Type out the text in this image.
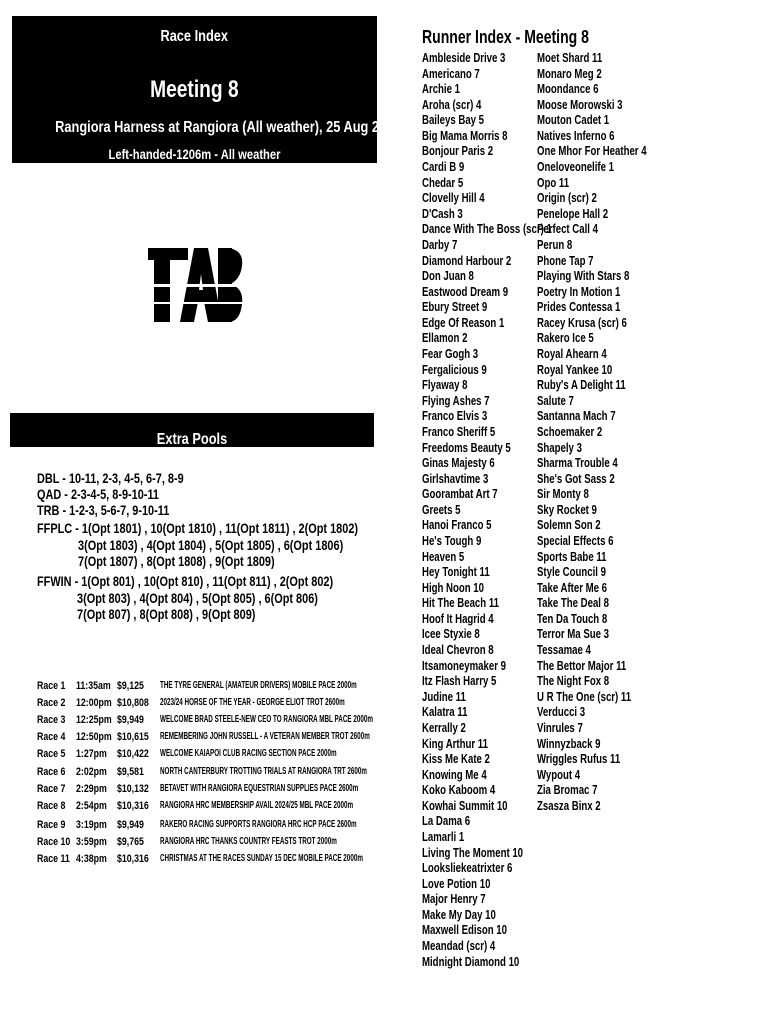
Race Index
Meeting 8
Rangiora Harness at Rangiora (All weather), 25 Aug 2024
Left-handed-1206m - All weather
Extra Pools
DBL - 10-11, 2-3, 4-5, 6-7, 8-9
QAD - 2-3-4-5, 8-9-10-11
TRB - 1-2-3, 5-6-7, 9-10-11
FFPLC - 1(Opt 1801) , 10(Opt 1810) , 11(Opt 1811) , 2(Opt 1802)
3(Opt 1803) , 4(Opt 1804) , 5(Opt 1805) , 6(Opt 1806)
7(Opt 1807) , 8(Opt 1808) , 9(Opt 1809)
FFWIN - 1(Opt 801) , 10(Opt 810) , 11(Opt 811) , 2(Opt 802)
3(Opt 803) , 4(Opt 804) , 5(Opt 805) , 6(Opt 806)
7(Opt 807) , 8(Opt 808) , 9(Opt 809)
Race 1 11:35am $9,125 THE TYRE GENERAL (AMATEUR DRIVERS) MOBILE PACE 2000m
Race 2 12:00pm $10,808 2023/24 HORSE OF THE YEAR - GEORGE ELIOT TROT 2600m
Race 3 12:25pm $9,949 WELCOME BRAD STEELE-NEW CEO TO RANGIORA MBL PACE 2000m
Race 4 12:50pm $10,615 REMEMBERING JOHN RUSSELL - A VETERAN MEMBER TROT 2600m
Race 5 1:27pm $10,422 WELCOME KAIAPOI CLUB RACING SECTION PACE 2000m
Race 6 2:02pm $9,581 NORTH CANTERBURY TROTTING TRIALS AT RANGIORA TRT 2600m
Race 7 2:29pm $10,132 BETAVET WITH RANGIORA EQUESTRIAN SUPPLIES PACE 2600m
Race 8 2:54pm $10,316 RANGIORA HRC MEMBERSHIP AVAIL 2024/25 MBL PACE 2000m
Race 9 3:19pm $9,949 RAKERO RACING SUPPORTS RANGIORA HRC HCP PACE 2600m
Race 10 3:59pm $9,765 RANGIORA HRC THANKS COUNTRY FEASTS TROT 2000m
Race 11 4:38pm $10,316 CHRISTMAS AT THE RACES SUNDAY 15 DEC MOBILE PACE 2000m
Runner Index - Meeting 8
Ambleside Drive 3
Americano 7
Archie 1
Aroha (scr) 4
Baileys Bay 5
Big Mama Morris 8
Bonjour Paris 2
Cardi B 9
Chedar 5
Clovelly Hill 4
D'Cash 3
Dance With The Boss (scr) 1
Darby 7
Diamond Harbour 2
Don Juan 8
Eastwood Dream 9
Ebury Street 9
Edge Of Reason 1
Ellamon 2
Fear Gogh 3
Fergalicious 9
Flyaway 8
Flying Ashes 7
Franco Elvis 3
Franco Sheriff 5
Freedoms Beauty 5
Ginas Majesty 6
Girlshavtime 3
Goorambat Art 7
Greets 5
Hanoi Franco 5
He's Tough 9
Heaven 5
Hey Tonight 11
High Noon 10
Hit The Beach 11
Hoof It Hagrid 4
Icee Styxie 8
Ideal Chevron 8
Itsamoneymaker 9
Itz Flash Harry 5
Judine 11
Kalatra 11
Kerrally 2
King Arthur 11
Kiss Me Kate 2
Knowing Me 4
Koko Kaboom 4
Kowhai Summit 10
La Dama 6
Lamarli 1
Living The Moment 10
Looksliekeatrixter 6
Love Potion 10
Major Henry 7
Make My Day 10
Maxwell Edison 10
Meandad (scr) 4
Midnight Diamond 10
Moet Shard 11
Monaro Meg 2
Moondance 6
Moose Morowski 3
Mouton Cadet 1
Natives Inferno 6
One Mhor For Heather 4
Oneloveonelife 1
Opo 11
Origin (scr) 2
Penelope Hall 2
Perfect Call 4
Perun 8
Phone Tap 7
Playing With Stars 8
Poetry In Motion 1
Prides Contessa 1
Racey Krusa (scr) 6
Rakero Ice 5
Royal Ahearn 4
Royal Yankee 10
Ruby's A Delight 11
Salute 7
Santanna Mach 7
Schoemaker 2
Shapely 3
Sharma Trouble 4
She's Got Sass 2
Sir Monty 8
Sky Rocket 9
Solemn Son 2
Special Effects 6
Sports Babe 11
Style Council 9
Take After Me 6
Take The Deal 8
Ten Da Touch 8
Terror Ma Sue 3
Tessamae 4
The Bettor Major 11
The Night Fox 8
U R The One (scr) 11
Verducci 3
Vinrules 7
Winnyzback 9
Wriggles Rufus 11
Wypout 4
Zia Bromac 7
Zsasza Binx 2
